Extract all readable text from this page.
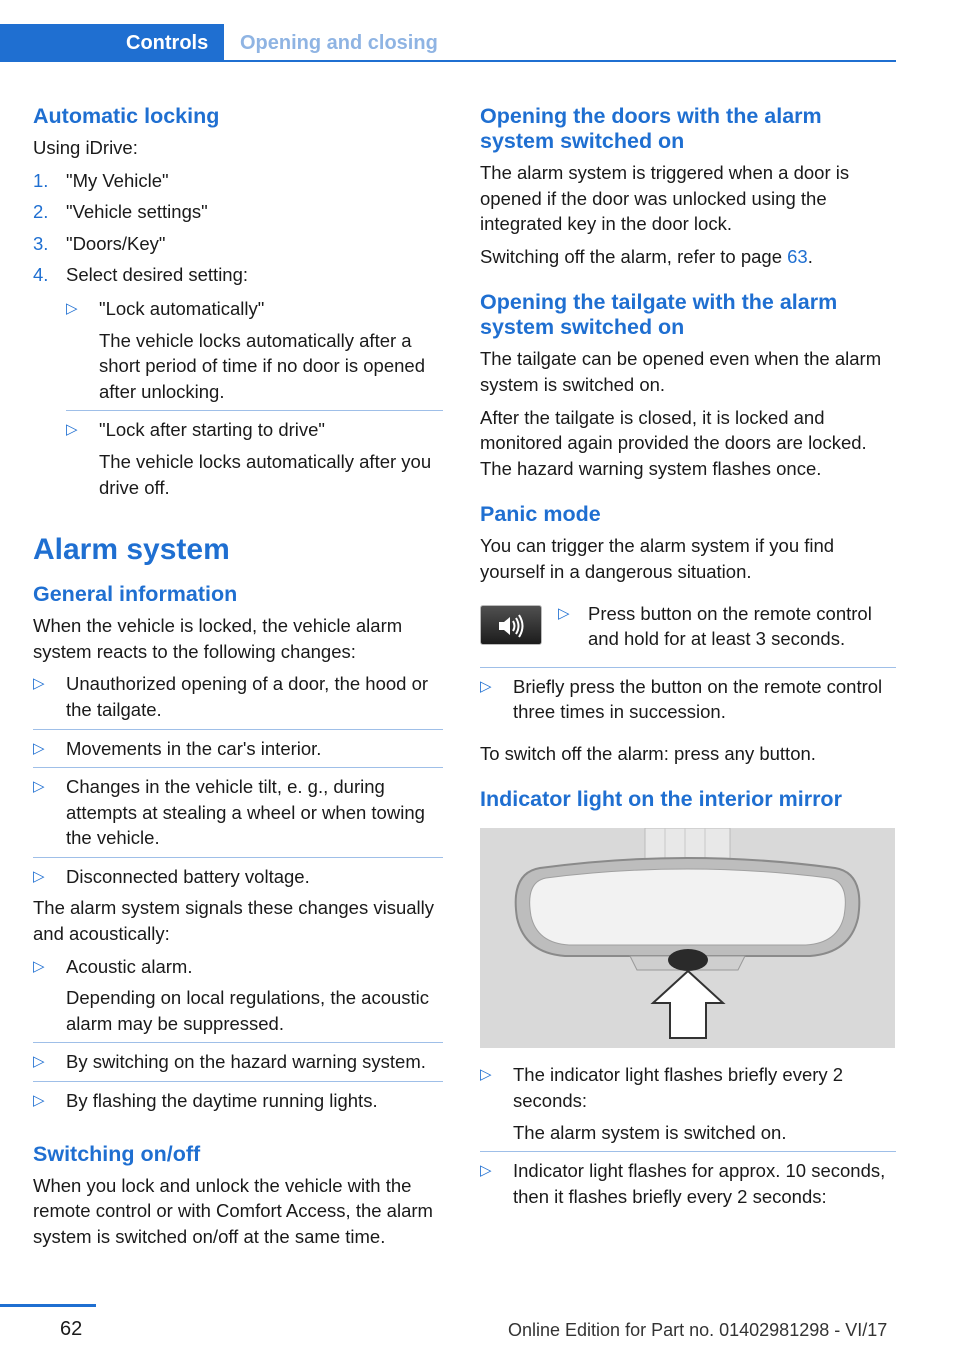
Controls	Opening and closing
Automatic locking

Using iDrive:

1. "My Vehicle"
2. "Vehicle settings"
3. "Doors/Key"
4. Select desired setting:
▷ "Lock automatically"
The vehicle locks automatically after a short period of time if no door is opened after unlocking.
▷ "Lock after starting to drive"
The vehicle locks automatically after you drive off.
Alarm system
General information

When the vehicle is locked, the vehicle alarm system reacts to the following changes:

▷ Unauthorized opening of a door, the hood or the tailgate.
▷ Movements in the car's interior.
▷ Changes in the vehicle tilt, e. g., during attempts at stealing a wheel or when towing the vehicle.
▷ Disconnected battery voltage.

The alarm system signals these changes visually and acoustically:

▷ Acoustic alarm.
Depending on local regulations, the acoustic alarm may be suppressed.
▷ By switching on the hazard warning system.
▷ By flashing the daytime running lights.
Switching on/off

When you lock and unlock the vehicle with the remote control or with Comfort Access, the alarm system is switched on/off at the same time.

Opening the doors with the alarm system switched on

The alarm system is triggered when a door is opened if the door was unlocked using the integrated key in the door lock.

Switching off the alarm, refer to page 63.

Opening the tailgate with the alarm system switched on

The tailgate can be opened even when the alarm system is switched on.

After the tailgate is closed, it is locked and monitored again provided the doors are locked. The hazard warning system flashes once.

Panic mode

You can trigger the alarm system if you find yourself in a dangerous situation.

▷ Press button on the remote control and hold for at least 3 seconds.
▷ Briefly press the button on the remote control three times in succession.

To switch off the alarm: press any button.

Indicator light on the interior mirror
▷ The indicator light flashes briefly every 2 seconds:
The alarm system is switched on.
▷ Indicator light flashes for approx. 10 seconds, then it flashes briefly every 2 seconds:
62	Online Edition for Part no. 01402981298 - VI/17
